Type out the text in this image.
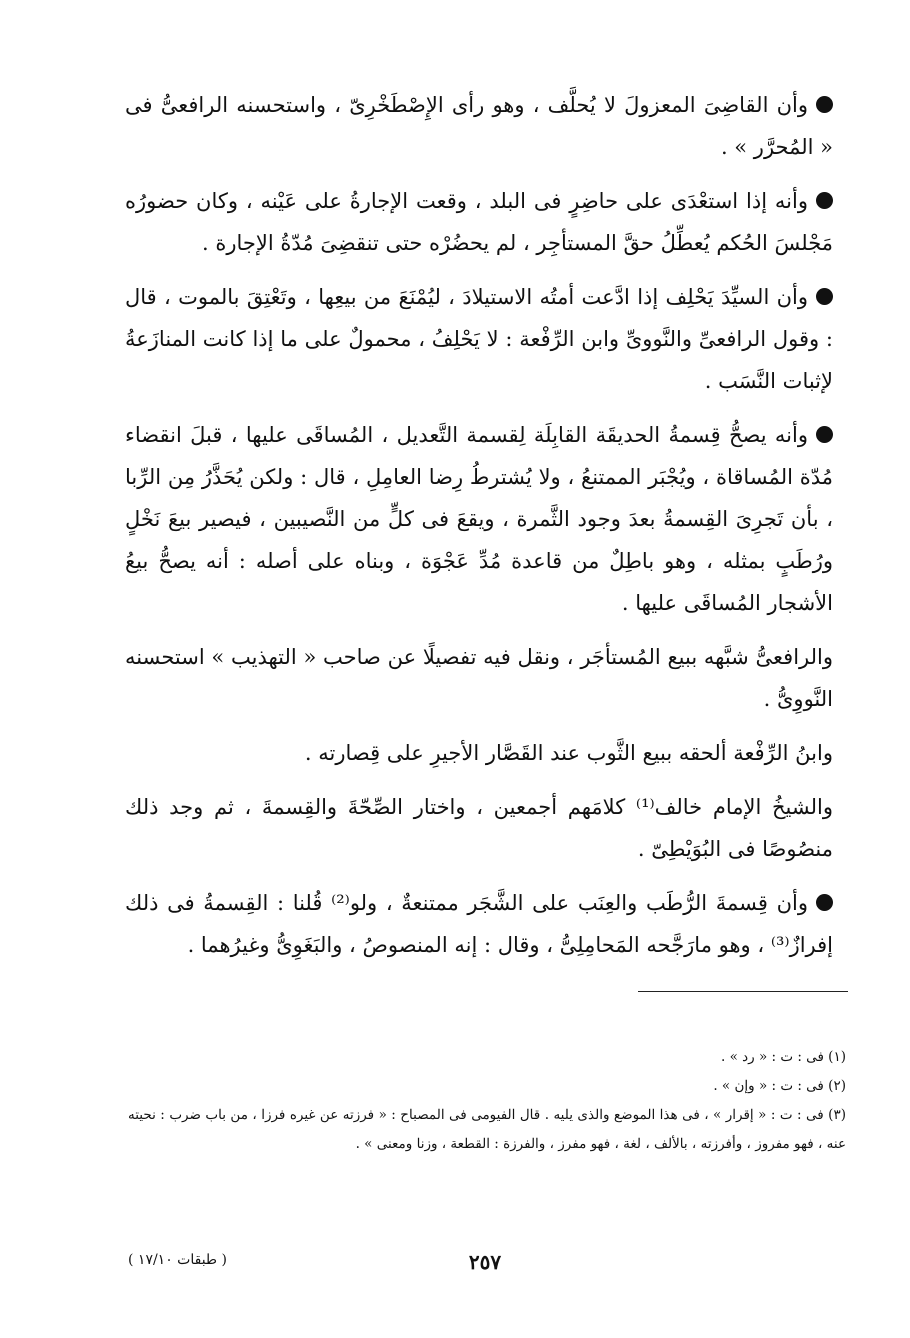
وأن القاضِىَ المعزولَ لا يُحلَّف ، وهو رأى الإِصْطَخْرِىّ ، واستحسنه الرافعىُّ فى « المُحرَّر » .

وأنه إذا استعْدَى على حاضِرٍ فى البلد ، وقعت الإجارةُ على عَيْنه ، وكان حضورُه مَجْلسَ الحُكم يُعطِّلُ حقَّ المستأجِر ، لم يحضُرْه حتى تنقضِىَ مُدّةُ الإجارة .

وأن السيِّدَ يَحْلِف إذا ادَّعت أمتُه الاستيلادَ ، ليُمْنَعَ من بيعِها ، وتَعْتِقَ بالموت ، قال : وقول الرافعىِّ والنَّووىِّ وابن الرِّفْعة : لا يَحْلِفُ ، محمولٌ على ما إذا كانت المنازَعةُ لإثبات النَّسَب .

وأنه يصحُّ قِسمةُ الحديقَة القابِلَة لِقسمة التَّعديل ، المُساقَى عليها ، قبلَ انقضاء مُدّة المُساقاة ، ويُجْبَر الممتنعُ ، ولا يُشترطُ رِضا العامِلِ ، قال : ولكن يُحَذَّرُ مِن الرِّبا ، بأن تَجرِىَ القِسمةُ بعدَ وجود الثَّمرة ، ويقعَ فى كلٍّ من النَّصيبين ، فيصير بيعَ نَخْلٍ ورُطَبٍ بمثله ، وهو باطِلٌ من قاعدة مُدِّ عَجْوَة ، وبناه على أصله : أنه يصحُّ بيعُ الأشجار المُساقَى عليها .

والرافعىُّ شبَّهه ببيع المُستأجَر ، ونقل فيه تفصيلًا عن صاحب « التهذيب » استحسنه النَّووِىُّ .

وابنُ الرِّفْعة ألحقه ببيع الثَّوب عند القَصَّار الأجيرِ على قِصارته .

والشيخُ الإمام خالف⁽¹⁾ كلامَهم أجمعين ، واختار الصِّحّةَ والقِسمةَ ، ثم وجد ذلك منصُوصًا فى البُوَيْطِىّ .

وأن قِسمةَ الرُّطَب والعِنَب على الشَّجَر ممتنعةٌ ، ولو⁽²⁾ قُلنا : القِسمةُ فى ذلك إفرازٌ⁽³⁾ ، وهو مارَجَّحه المَحامِلِىُّ ، وقال : إنه المنصوصُ ، والبَغَوِىُّ وغيرُهما .

(١) فى : ت : « رد » .

(٢) فى : ت : « وإن » .

(٣) فى : ت : « إقرار » ، فى هذا الموضع والذى يليه . قال الفيومى فى المصباح : « فرزته عن غيره فرزا ، من باب ضرب : نحيته عنه ، فهو مفروز ، وأفرزته ، بالألف ، لغة ، فهو مفرز ، والفرزة : القطعة ، وزنا ومعنى » .

٢٥٧
( طبقات ١٧/١٠ )
